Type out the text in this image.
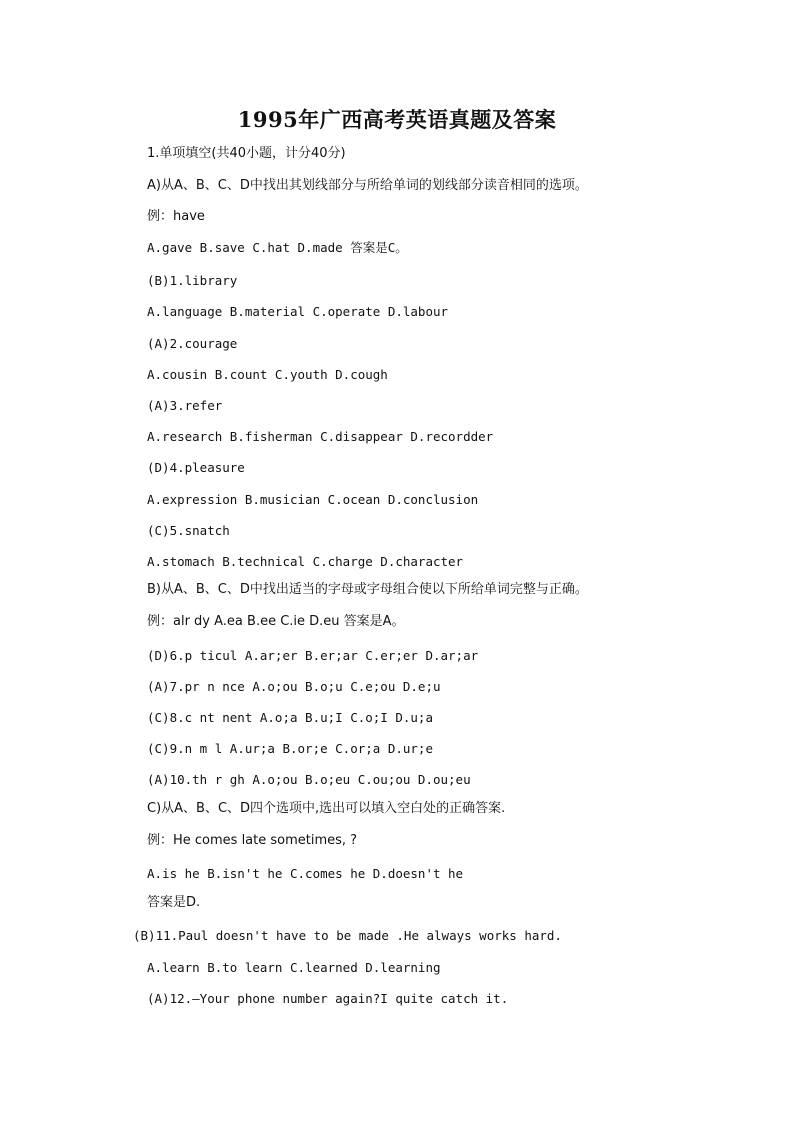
1995年广西高考英语真题及答案
1.单项填空(共40小题，计分40分)
A)从A、B、C、D中找出其划线部分与所给单词的划线部分读音相同的选项。
例：have
A.gave B.save C.hat D.made 答案是C。
(B)1.library
A.language B.material C.operate D.labour
(A)2.courage
A.cousin B.count C.youth D.cough
(A)3.refer
A.research B.fisherman C.disappear D.recordder
(D)4.pleasure
A.expression B.musician C.ocean D.conclusion
(C)5.snatch
A.stomach B.technical C.charge D.character
B)从A、B、C、D中找出适当的字母或字母组合使以下所给单词完整与正确。
例：alr dy A.ea B.ee C.ie D.eu 答案是A。
(D)6.p ticul A.ar;er B.er;ar C.er;er D.ar;ar
(A)7.pr n nce A.o;ou B.o;u C.e;ou D.e;u
(C)8.c nt nent A.o;a B.u;I C.o;I D.u;a
(C)9.n m l A.ur;a B.or;e C.or;a D.ur;e
(A)10.th r gh A.o;ou B.o;eu C.ou;ou D.ou;eu
C)从A、B、C、D四个选项中,选出可以填入空白处的正确答案.
例：He comes late sometimes, ?
A.is he B.isn't he C.comes he D.doesn't he
答案是D.
(B)11.Paul doesn't have to be made .He always works hard.
A.learn B.to learn C.learned D.learning
(A)12.—Your phone number again?I quite catch it.
